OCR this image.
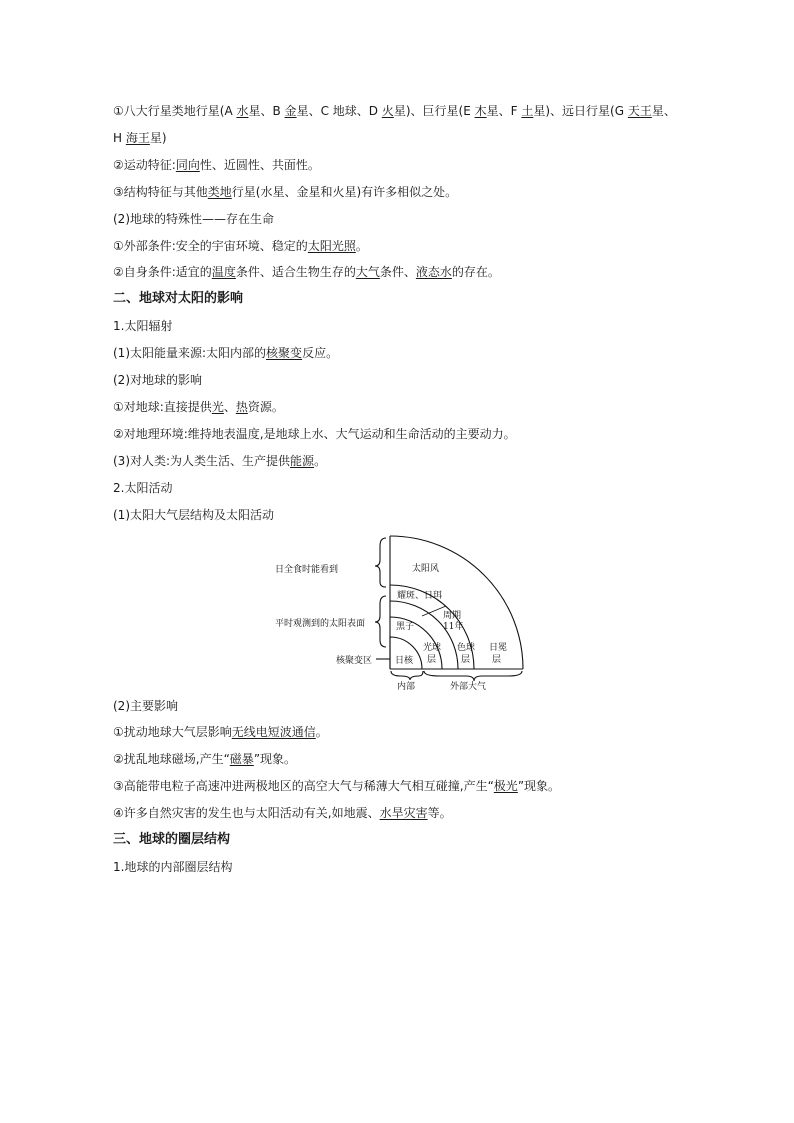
①八大行星类地行星(A 水星、B 金星、C 地球、D 火星)、巨行星(E 木星、F 土星)、远日行星(G 天王星、H 海王星)
②运动特征:同向性、近圆性、共面性。
③结构特征与其他类地行星(水星、金星和火星)有许多相似之处。
(2)地球的特殊性——存在生命
①外部条件:安全的宇宙环境、稳定的太阳光照。
②自身条件:适宜的温度条件、适合生物生存的大气条件、液态水的存在。
二、地球对太阳的影响
1.太阳辐射
(1)太阳能量来源:太阳内部的核聚变反应。
(2)对地球的影响
①对地球:直接提供光、热资源。
②对地理环境:维持地表温度,是地球上水、大气运动和生命活动的主要动力。
(3)对人类:为人类生活、生产提供能源。
2.太阳活动
(1)太阳大气层结构及太阳活动
(2)主要影响
①扰动地球大气层影响无线电短波通信。
②扰乱地球磁场,产生“磁暴”现象。
③高能带电粒子高速冲进两极地区的高空大气与稀薄大气相互碰撞,产生“极光”现象。
④许多自然灾害的发生也与太阳活动有关,如地震、水旱灾害等。
三、地球的圈层结构
1.地球的内部圈层结构
日全食时能看到
平时观测到的太阳表面
核聚变区
太阳风
耀斑、日珥
黑子
周期
11年
日核
光球
层
色球
层
日冕
层
内部	外部大气
